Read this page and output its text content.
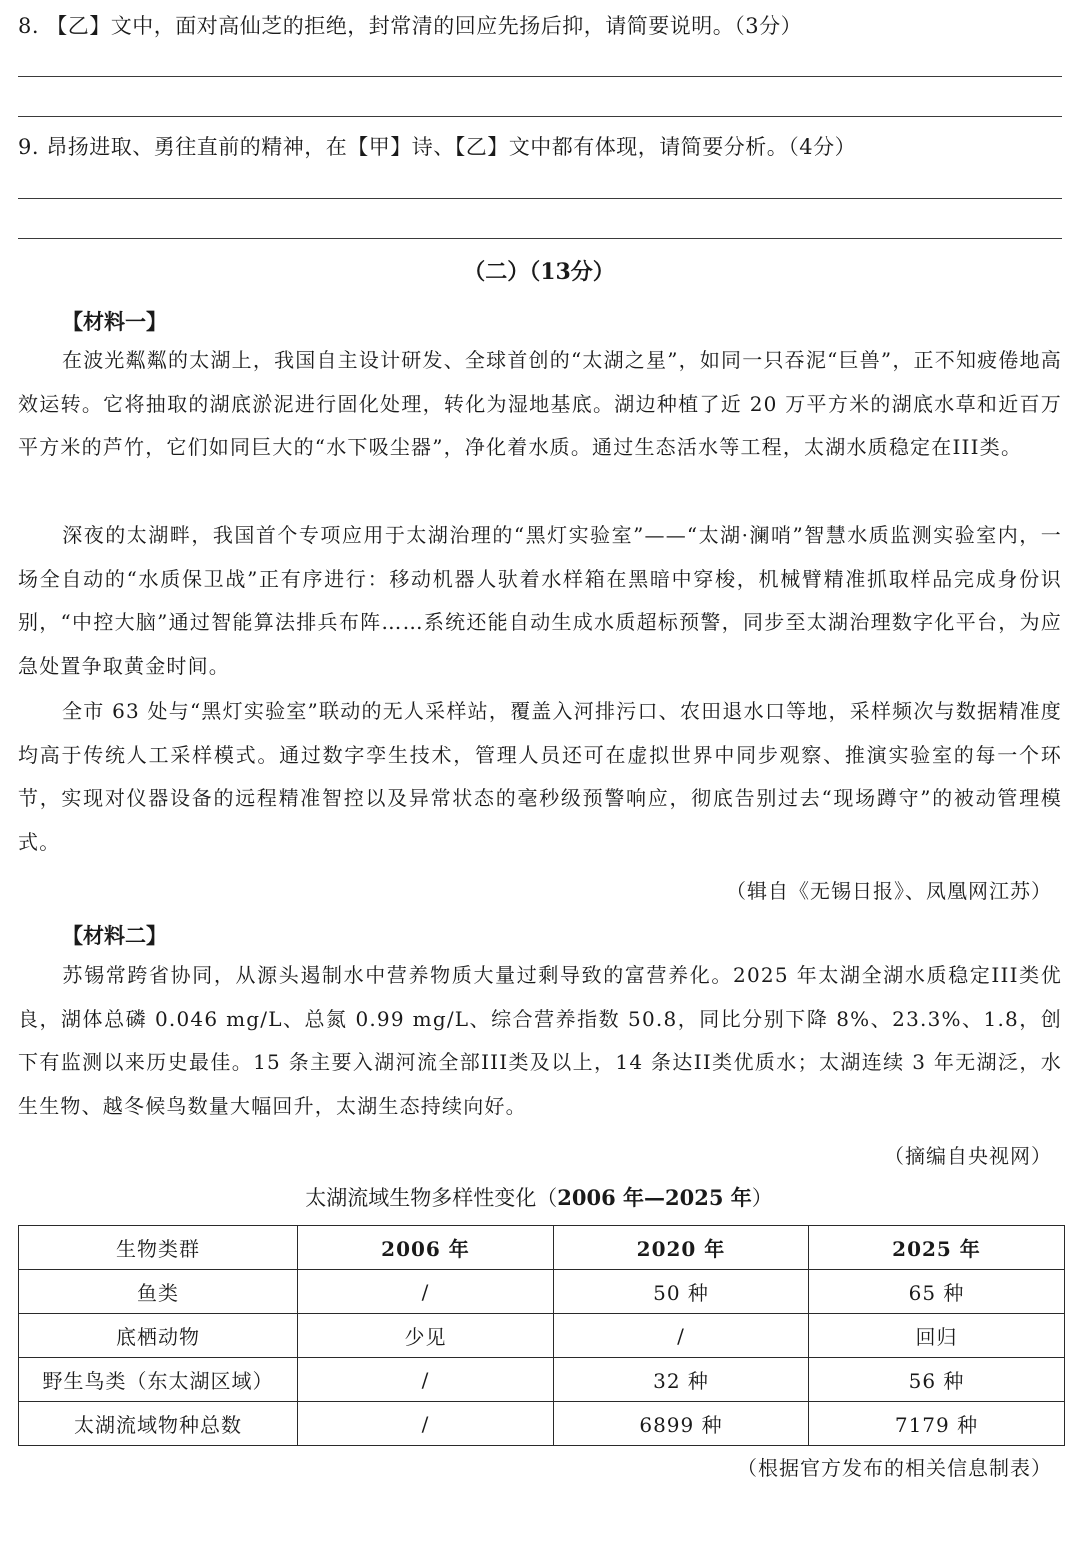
8. 【乙】文中，面对高仙芝的拒绝，封常清的回应先扬后抑，请简要说明。（3分）
9. 昂扬进取、勇往直前的精神，在【甲】诗、【乙】文中都有体现，请简要分析。（4分）
（二）（13分）
【材料一】

在波光粼粼的太湖上，我国自主设计研发、全球首创的“太湖之星”，如同一只吞泥“巨兽”，正不知疲倦地高效运转。它将抽取的湖底淤泥进行固化处理，转化为湿地基底。湖边种植了近 20 万平方米的湖底水草和近百万平方米的芦竹，它们如同巨大的“水下吸尘器”，净化着水质。通过生态活水等工程，太湖水质稳定在III类。

深夜的太湖畔，我国首个专项应用于太湖治理的“黑灯实验室”——“太湖·澜哨”智慧水质监测实验室内，一场全自动的“水质保卫战”正有序进行：移动机器人驮着水样箱在黑暗中穿梭，机械臂精准抓取样品完成身份识别，“中控大脑”通过智能算法排兵布阵……系统还能自动生成水质超标预警，同步至太湖治理数字化平台，为应急处置争取黄金时间。

全市 63 处与“黑灯实验室”联动的无人采样站，覆盖入河排污口、农田退水口等地，采样频次与数据精准度均高于传统人工采样模式。通过数字孪生技术，管理人员还可在虚拟世界中同步观察、推演实验室的每一个环节，实现对仪器设备的远程精准智控以及异常状态的毫秒级预警响应，彻底告别过去“现场蹲守”的被动管理模式。

（辑自《无锡日报》、凤凰网江苏）
【材料二】

苏锡常跨省协同，从源头遏制水中营养物质大量过剩导致的富营养化。2025 年太湖全湖水质稳定III类优良，湖体总磷 0.046 mg/L、总氮 0.99 mg/L、综合营养指数 50.8，同比分别下降 8%、23.3%、1.8，创下有监测以来历史最佳。15 条主要入湖河流全部III类及以上，14 条达II类优质水；太湖连续 3 年无湖泛，水生生物、越冬候鸟数量大幅回升，太湖生态持续向好。

（摘编自央视网）
太湖流域生物多样性变化（2006 年—2025 年）
生物类群	2006 年	2020 年	2025 年
鱼类	/	50 种	65 种
底栖动物	少见	/	回归
野生鸟类（东太湖区域）	/	32 种	56 种
太湖流域物种总数	/	6899 种	7179 种
（根据官方发布的相关信息制表）
